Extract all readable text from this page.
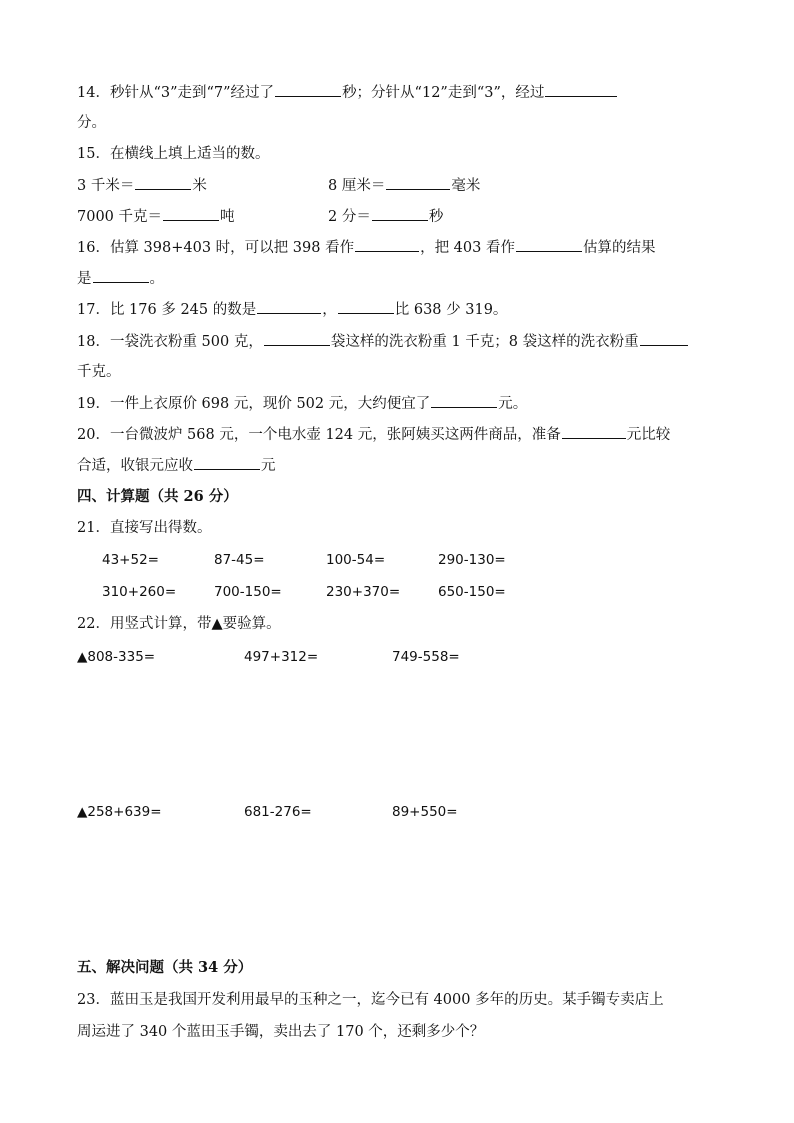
14．秒针从“3”走到“7”经过了	秒；分针从“12”走到“3”，经过
分。
15．在横线上填上适当的数。
3 千米＝	米	8 厘米＝	毫米
7000 千克＝	吨	2 分＝	秒
16．估算 398+403 时，可以把 398 看作	，把 403 看作	估算的结果
是	。
17．比 176 多 245 的数是	，	比 638 少 319。
18．一袋洗衣粉重 500 克，	袋这样的洗衣粉重 1 千克；8 袋这样的洗衣粉重
千克。
19．一件上衣原价 698 元，现价 502 元，大约便宜了	元。
20．一台微波炉 568 元，一个电水壶 124 元，张阿姨买这两件商品，准备	元比较
合适，收银元应收	元
四、计算题（共 26 分）
21．直接写出得数。
43+52=	87-45=	100-54=	290-130=
310+260=	700-150=	230+370=	650-150=
22．用竖式计算，带▲要验算。
▲808-335=	497+312=	749-558=
▲258+639=	681-276=	89+550=
五、解决问题（共 34 分）
23．蓝田玉是我国开发利用最早的玉种之一，迄今已有 4000 多年的历史。某手镯专卖店上
周运进了 340 个蓝田玉手镯，卖出去了 170 个，还剩多少个？
